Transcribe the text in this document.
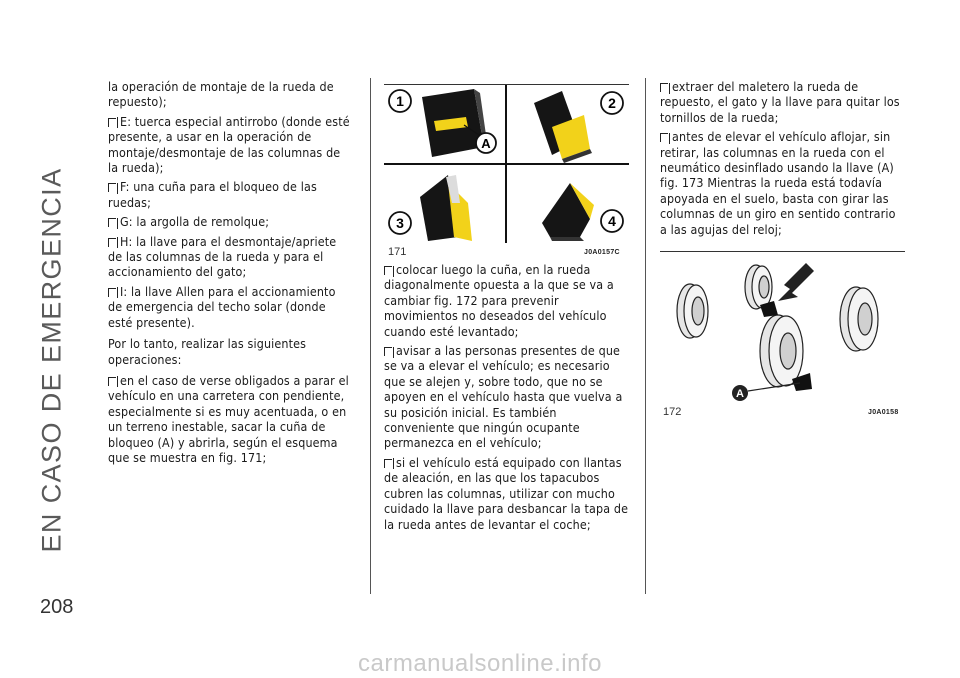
EN CASO DE EMERGENCIA
208

la operación de montaje de la rueda de repuesto);

E: tuerca especial antirrobo (donde esté presente, a usar en la operación de montaje/desmontaje de las columnas de la rueda);

F: una cuña para el bloqueo de las ruedas;

G: la argolla de remolque;

H: la llave para el desmontaje/apriete de las columnas de la rueda y para el accionamiento del gato;

I: la llave Allen para el accionamiento de emergencia del techo solar (donde esté presente).

Por lo tanto, realizar las siguientes operaciones:

en el caso de verse obligados a parar el vehículo en una carretera con pendiente, especialmente si es muy acentuada, o en un terreno inestable, sacar la cuña de bloqueo (A) y abrirla, según el esquema que se muestra en fig. 171;

1	2
3	4
A
171	J0A0157C

colocar luego la cuña, en la rueda diagonalmente opuesta a la que se va a cambiar fig. 172 para prevenir movimientos no deseados del vehículo cuando esté levantado;

avisar a las personas presentes de que se va a elevar el vehículo; es necesario que se alejen y, sobre todo, que no se apoyen en el vehículo hasta que vuelva a su posición inicial. Es también conveniente que ningún ocupante permanezca en el vehículo;

si el vehículo está equipado con llantas de aleación, en las que los tapacubos cubren las columnas, utilizar con mucho cuidado la llave para desbancar la tapa de la rueda antes de levantar el coche;

extraer del maletero la rueda de repuesto, el gato y la llave para quitar los tornillos de la rueda;

antes de elevar el vehículo aflojar, sin retirar, las columnas en la rueda con el neumático desinflado usando la llave (A) fig. 173 Mientras la rueda está todavía apoyada en el suelo, basta con girar las columnas de un giro en sentido contrario a las agujas del reloj;

A
172	J0A0158
carmanualsonline.info
